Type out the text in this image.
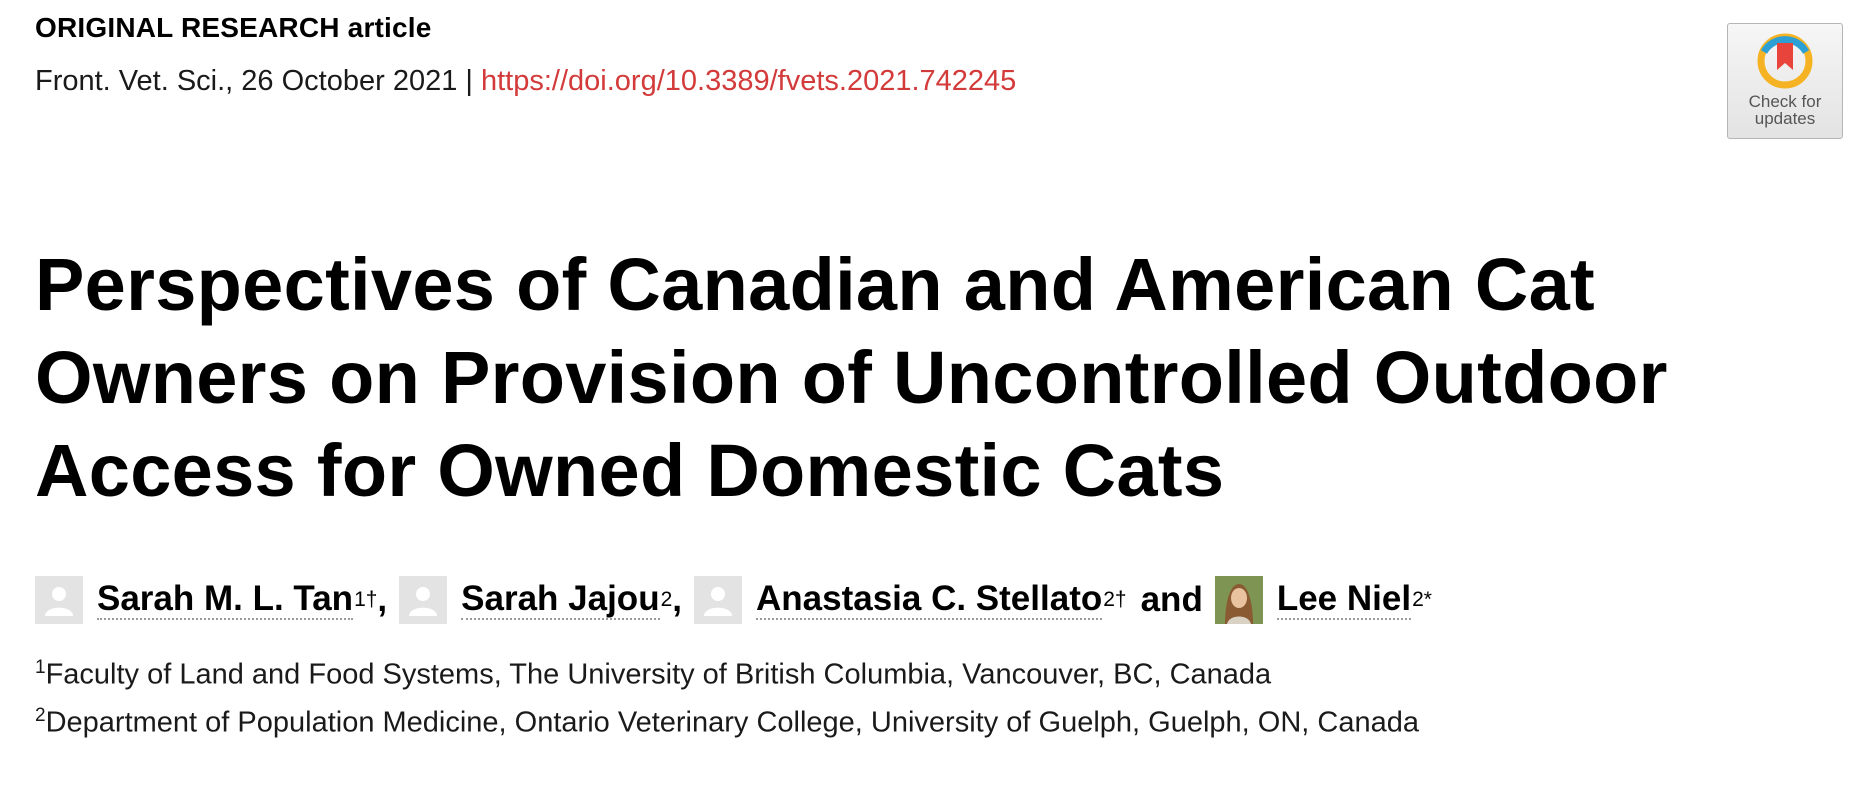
ORIGINAL RESEARCH article
Front. Vet. Sci., 26 October 2021 | https://doi.org/10.3389/fvets.2021.742245
Check for
updates
Perspectives of Canadian and American Cat
Owners on Provision of Uncontrolled Outdoor
Access for Owned Domestic Cats
Sarah M. L. Tan 1† , Sarah Jajou 2 , Anastasia C. Stellato 2† and Lee Niel 2*
$^1$Faculty of Land and Food Systems, The University of British Columbia, Vancouver, BC, Canada
$^2$Department of Population Medicine, Ontario Veterinary College, University of Guelph, Guelph, ON, Canada
